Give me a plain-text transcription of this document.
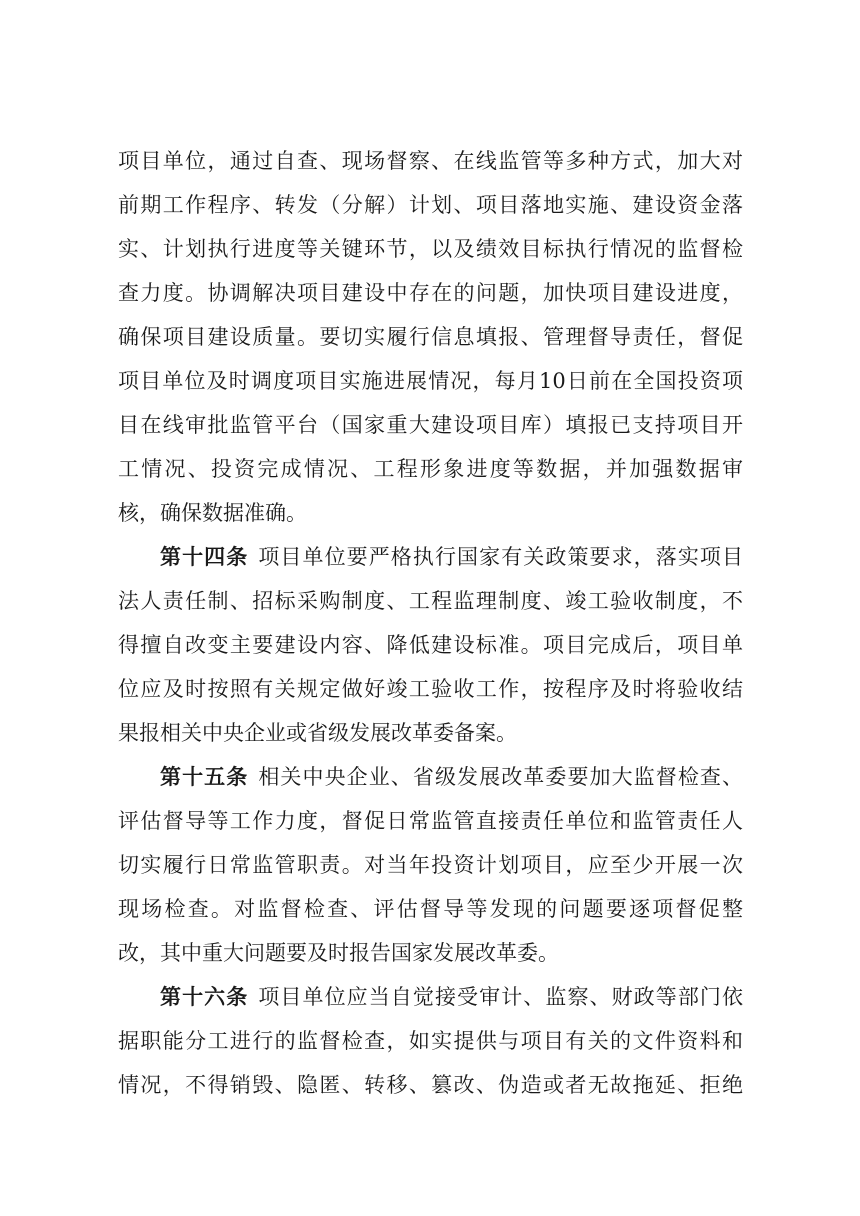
项目单位，通过自查、现场督察、在线监管等多种方式，加大对
前期工作程序、转发（分解）计划、项目落地实施、建设资金落
实、计划执行进度等关键环节，以及绩效目标执行情况的监督检
查力度。协调解决项目建设中存在的问题，加快项目建设进度，
确保项目建设质量。要切实履行信息填报、管理督导责任，督促
项目单位及时调度项目实施进展情况，每月10日前在全国投资项
目在线审批监管平台（国家重大建设项目库）填报已支持项目开
工情况、投资完成情况、工程形象进度等数据，并加强数据审
核，确保数据准确。
第十四条 项目单位要严格执行国家有关政策要求，落实项目
法人责任制、招标采购制度、工程监理制度、竣工验收制度，不
得擅自改变主要建设内容、降低建设标准。项目完成后，项目单
位应及时按照有关规定做好竣工验收工作，按程序及时将验收结
果报相关中央企业或省级发展改革委备案。
第十五条 相关中央企业、省级发展改革委要加大监督检查、
评估督导等工作力度，督促日常监管直接责任单位和监管责任人
切实履行日常监管职责。对当年投资计划项目，应至少开展一次
现场检查。对监督检查、评估督导等发现的问题要逐项督促整
改，其中重大问题要及时报告国家发展改革委。
第十六条 项目单位应当自觉接受审计、监察、财政等部门依
据职能分工进行的监督检查，如实提供与项目有关的文件资料和
情况，不得销毁、隐匿、转移、篡改、伪造或者无故拖延、拒绝
